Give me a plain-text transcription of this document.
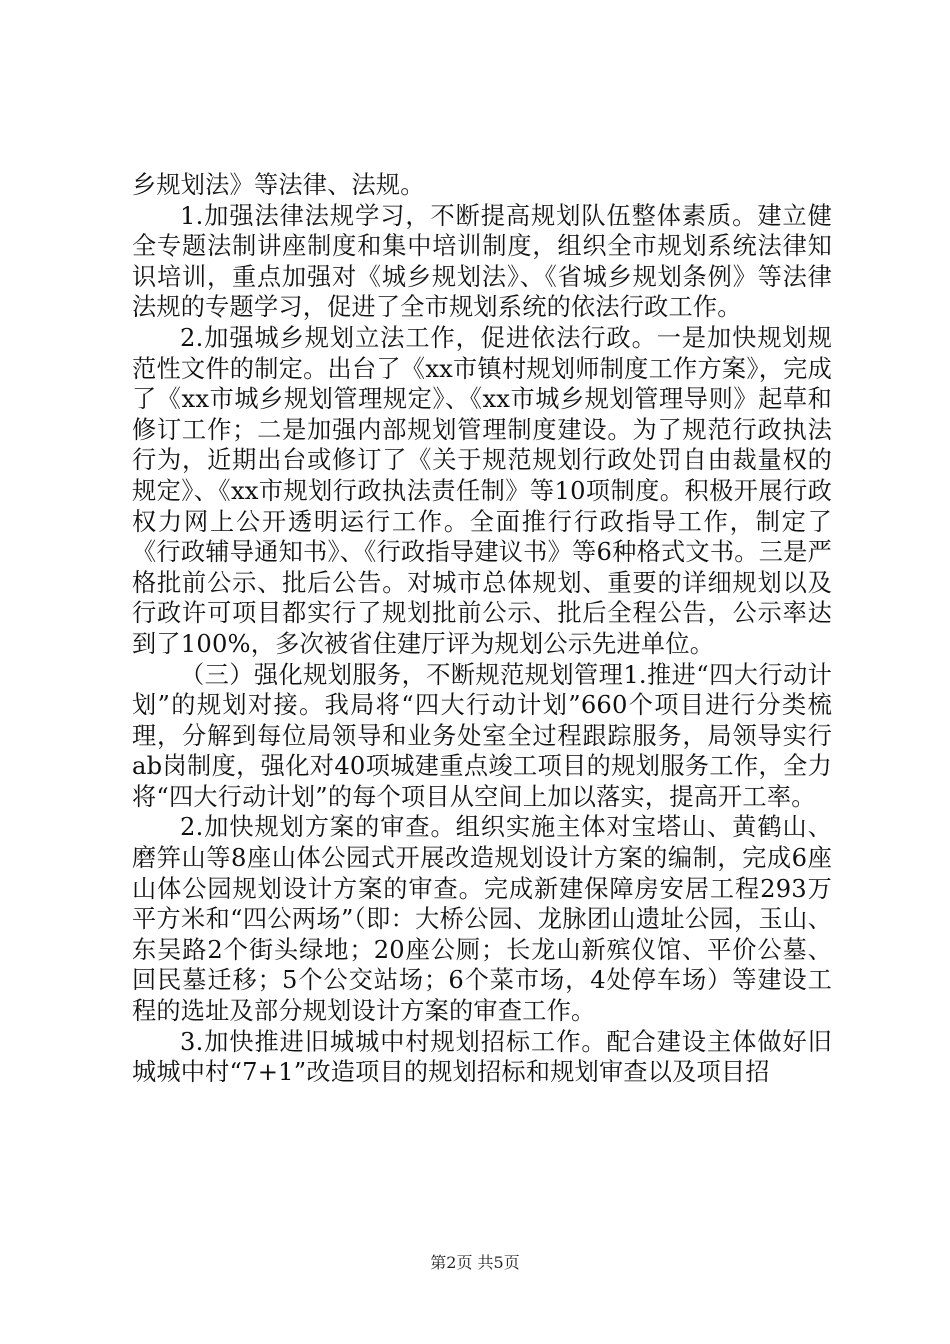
乡规划法》等法律、法规。

1.加强法律法规学习，不断提高规划队伍整体素质。建立健全专题法制讲座制度和集中培训制度，组织全市规划系统法律知识培训，重点加强对《城乡规划法》、《省城乡规划条例》等法律法规的专题学习，促进了全市规划系统的依法行政工作。

2.加强城乡规划立法工作，促进依法行政。一是加快规划规范性文件的制定。出台了《xx市镇村规划师制度工作方案》，完成了《xx市城乡规划管理规定》、《xx市城乡规划管理导则》起草和修订工作；二是加强内部规划管理制度建设。为了规范行政执法行为，近期出台或修订了《关于规范规划行政处罚自由裁量权的规定》、《xx市规划行政执法责任制》等10项制度。积极开展行政权力网上公开透明运行工作。全面推行行政指导工作，制定了《行政辅导通知书》、《行政指导建议书》等6种格式文书。三是严格批前公示、批后公告。对城市总体规划、重要的详细规划以及行政许可项目都实行了规划批前公示、批后全程公告，公示率达到了100%，多次被省住建厅评为规划公示先进单位。

（三）强化规划服务，不断规范规划管理1.推进“四大行动计划”的规划对接。我局将“四大行动计划”660个项目进行分类梳理，分解到每位局领导和业务处室全过程跟踪服务，局领导实行ab岗制度，强化对40项城建重点竣工项目的规划服务工作，全力将“四大行动计划”的每个项目从空间上加以落实，提高开工率。

2.加快规划方案的审查。组织实施主体对宝塔山、黄鹤山、磨笄山等8座山体公园式开展改造规划设计方案的编制，完成6座山体公园规划设计方案的审查。完成新建保障房安居工程293万平方米和“四公两场”（即：大桥公园、龙脉团山遗址公园，玉山、东吴路2个街头绿地；20座公厕；长龙山新殡仪馆、平价公墓、回民墓迁移；5个公交站场；6个菜市场，4处停车场）等建设工程的选址及部分规划设计方案的审查工作。

3.加快推进旧城城中村规划招标工作。配合建设主体做好旧城城中村“7+1”改造项目的规划招标和规划审查以及项目招

第2页 共5页
